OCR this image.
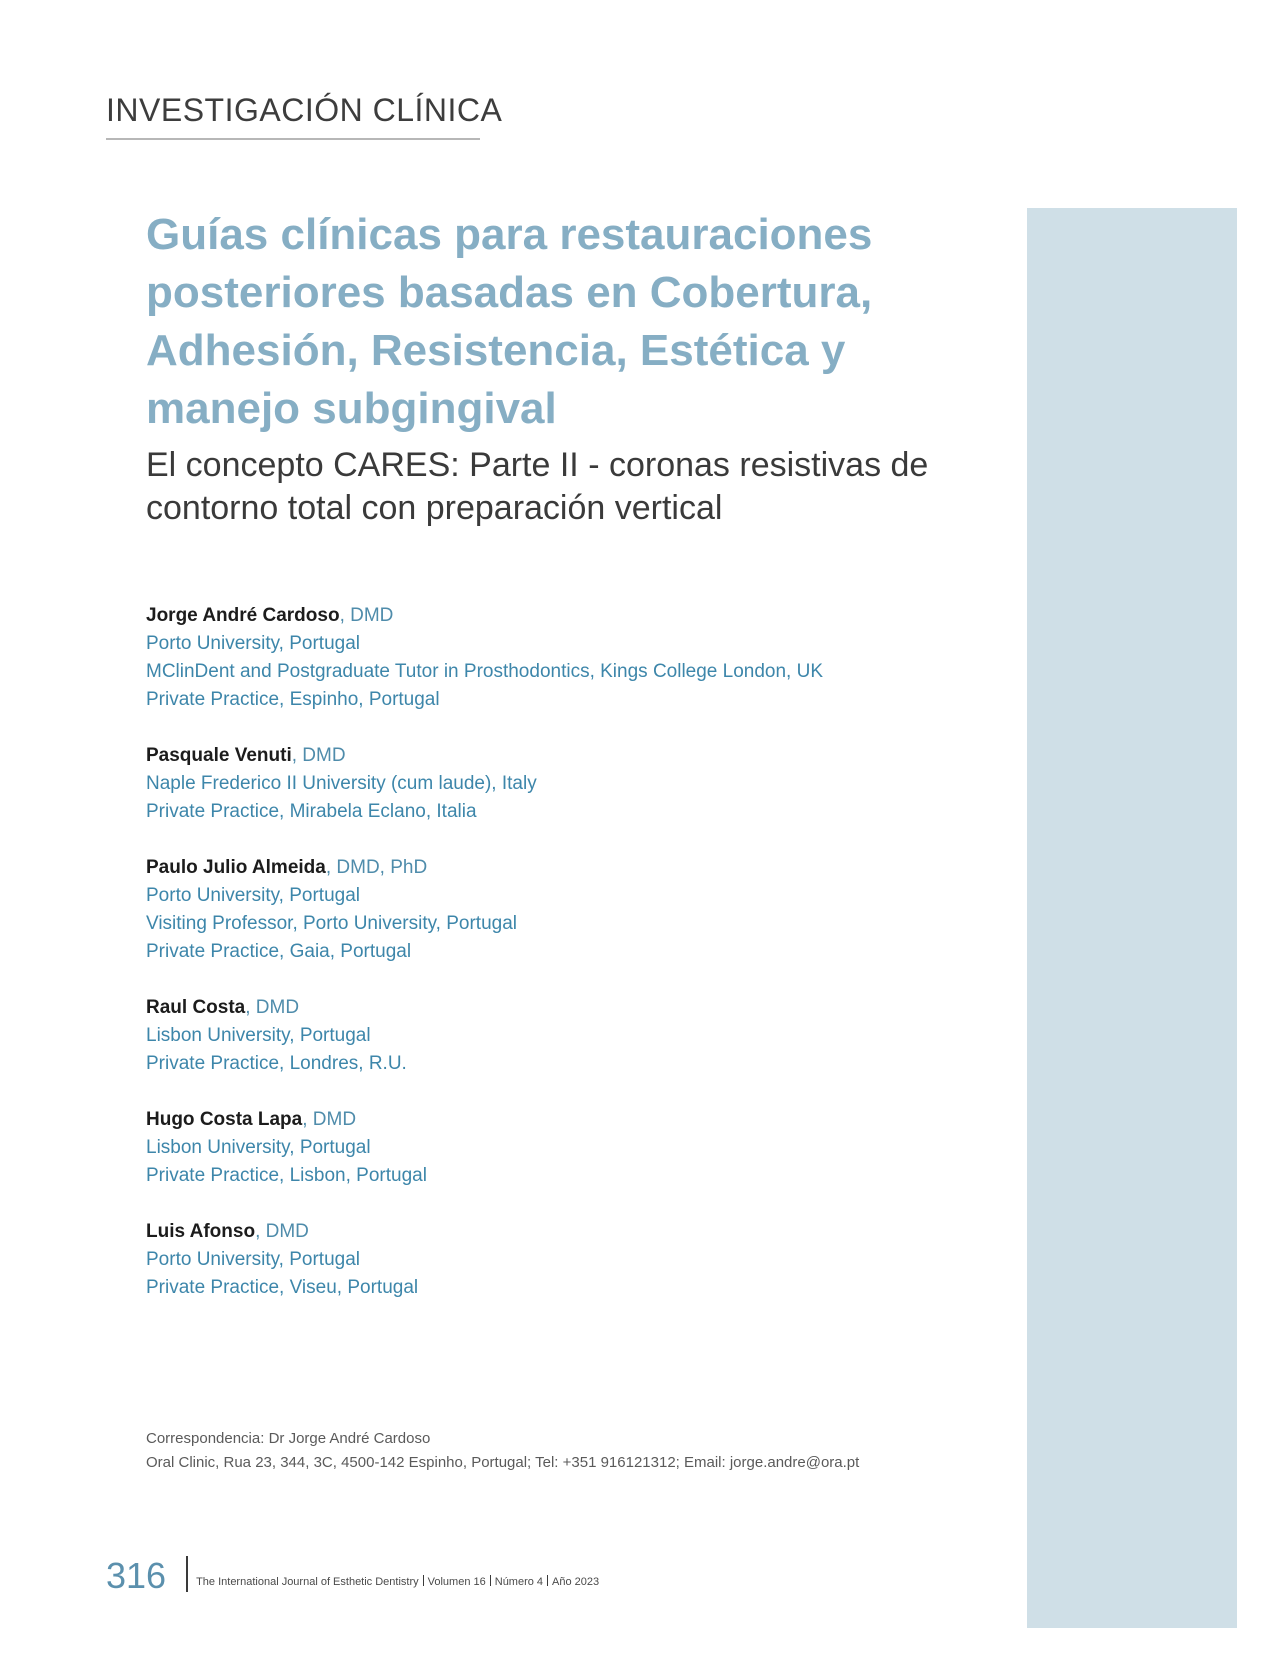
INVESTIGACIÓN CLÍNICA
Guías clínicas para restauraciones
posteriores basadas en Cobertura,
Adhesión, Resistencia, Estética y
manejo subgingival
El concepto CARES: Parte II - coronas resistivas de
contorno total con preparación vertical
Jorge André Cardoso, DMD
Porto University, Portugal
MClinDent and Postgraduate Tutor in Prosthodontics, Kings College London, UK
Private Practice, Espinho, Portugal
Pasquale Venuti, DMD
Naple Frederico II University (cum laude), Italy
Private Practice, Mirabela Eclano, Italia
Paulo Julio Almeida, DMD, PhD
Porto University, Portugal
Visiting Professor, Porto University, Portugal
Private Practice, Gaia, Portugal
Raul Costa, DMD
Lisbon University, Portugal
Private Practice, Londres, R.U.
Hugo Costa Lapa, DMD
Lisbon University, Portugal
Private Practice, Lisbon, Portugal
Luis Afonso, DMD
Porto University, Portugal
Private Practice, Viseu, Portugal
Correspondencia: Dr Jorge André Cardoso
Oral Clinic, Rua 23, 344, 3C, 4500-142 Espinho, Portugal; Tel: +351 916121312; Email: jorge.andre@ora.pt
316	The International Journal of Esthetic Dentistry Volumen 16 Número 4 Año 2023
